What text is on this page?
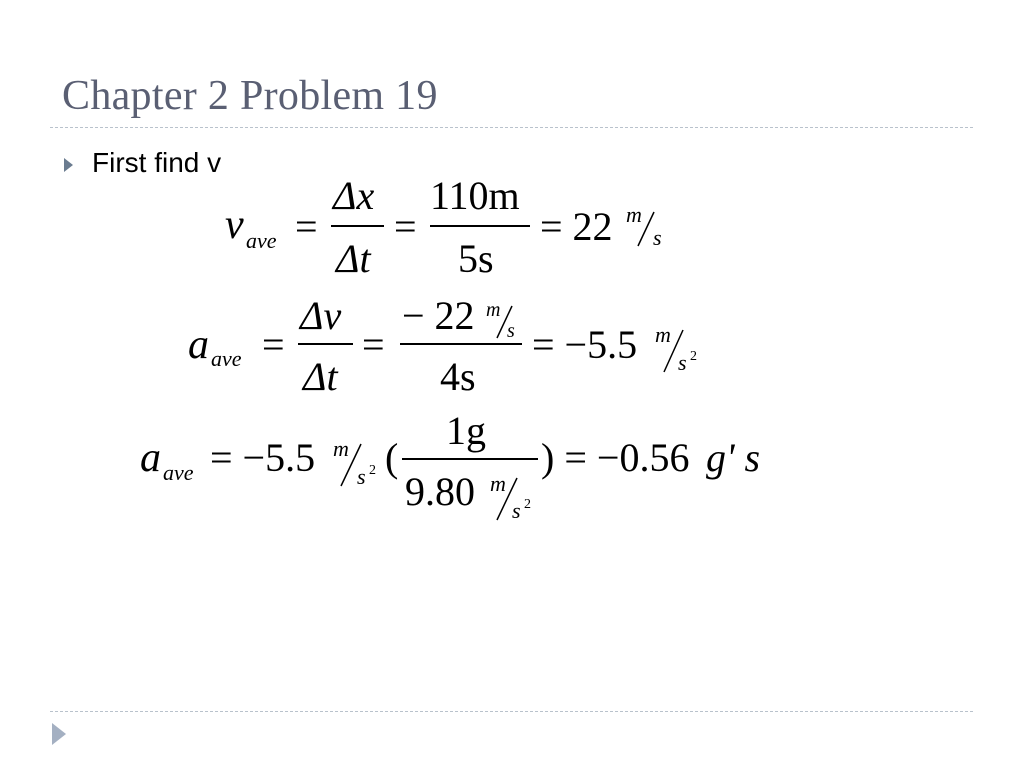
Chapter 2 Problem 19
First find v
v ave =
Δx
Δt
=
110m
5s
= 22 m
s
a ave =
Δv
Δt
=
− 22 m
s
4s
= −5.5 m
s 2
a ave = −5.5 m
s 2 (
1g
9.80 m
s 2
) = −0.56 g' s
